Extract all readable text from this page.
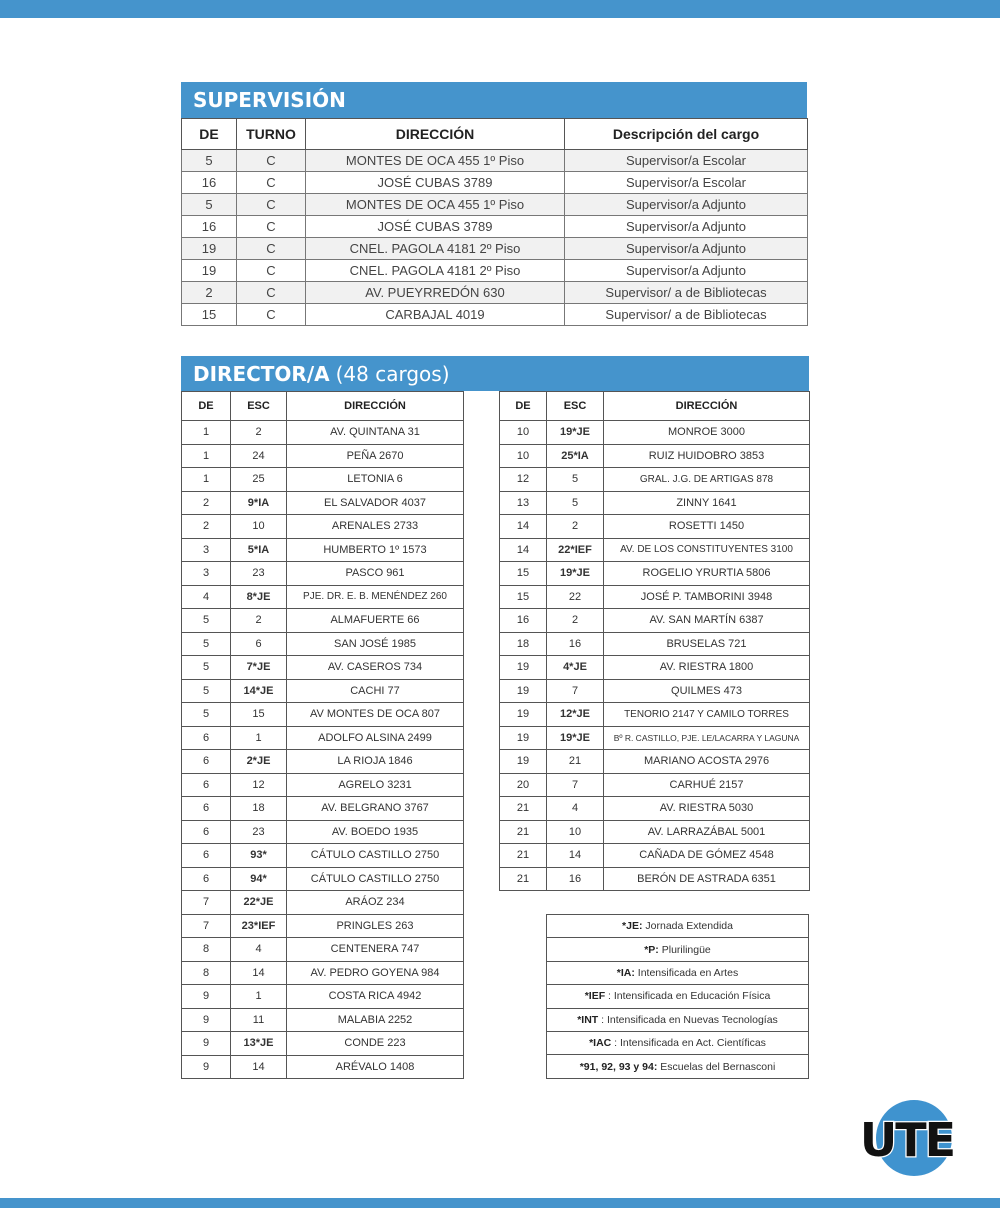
SUPERVISIÓN
DE	TURNO	DIRECCIÓN	Descripción del cargo
5	C	MONTES DE OCA 455 1º Piso	Supervisor/a Escolar
16	C	JOSÉ CUBAS 3789	Supervisor/a Escolar
5	C	MONTES DE OCA 455 1º Piso	Supervisor/a Adjunto
16	C	JOSÉ CUBAS 3789	Supervisor/a Adjunto
19	C	CNEL. PAGOLA 4181 2º Piso	Supervisor/a Adjunto
19	C	CNEL. PAGOLA 4181 2º Piso	Supervisor/a Adjunto
2	C	AV. PUEYRREDÓN 630	Supervisor/ a de Bibliotecas
15	C	CARBAJAL 4019	Supervisor/ a de Bibliotecas
DIRECTOR/A (48 cargos)
DE	ESC	DIRECCIÓN
1	2	AV. QUINTANA 31
1	24	PEÑA 2670
1	25	LETONIA 6
2	9*IA	EL SALVADOR 4037
2	10	ARENALES 2733
3	5*IA	HUMBERTO 1º 1573
3	23	PASCO 961
4	8*JE	PJE. DR. E. B. MENÉNDEZ 260
5	2	ALMAFUERTE 66
5	6	SAN JOSÉ 1985
5	7*JE	AV. CASEROS 734
5	14*JE	CACHI 77
5	15	AV MONTES DE OCA 807
6	1	ADOLFO ALSINA 2499
6	2*JE	LA RIOJA 1846
6	12	AGRELO 3231
6	18	AV. BELGRANO 3767
6	23	AV. BOEDO 1935
6	93*	CÁTULO CASTILLO 2750
6	94*	CÁTULO CASTILLO 2750
7	22*JE	ARÁOZ 234
7	23*IEF	PRINGLES 263
8	4	CENTENERA 747
8	14	AV. PEDRO GOYENA 984
9	1	COSTA RICA 4942
9	11	MALABIA 2252
9	13*JE	CONDE 223
9	14	ARÉVALO 1408
DE	ESC	DIRECCIÓN
10	19*JE	MONROE 3000
10	25*IA	RUIZ HUIDOBRO 3853
12	5	GRAL. J.G. DE ARTIGAS 878
13	5	ZINNY 1641
14	2	ROSETTI 1450
14	22*IEF	AV. DE LOS CONSTITUYENTES 3100
15	19*JE	ROGELIO YRURTIA 5806
15	22	JOSÉ P. TAMBORINI 3948
16	2	AV. SAN MARTÍN 6387
18	16	BRUSELAS 721
19	4*JE	AV. RIESTRA 1800
19	7	QUILMES 473
19	12*JE	TENORIO 2147 Y CAMILO TORRES
19	19*JE	Bº R. CASTILLO, PJE. LE/LACARRA Y LAGUNA
19	21	MARIANO ACOSTA 2976
20	7	CARHUÉ 2157
21	4	AV. RIESTRA 5030
21	10	AV. LARRAZÁBAL 5001
21	14	CAÑADA DE GÓMEZ 4548
21	16	BERÓN DE ASTRADA 6351

*JE: Jornada Extendida
*P: Plurilingüe
*IA: Intensificada en Artes
*IEF : Intensificada en Educación Física
*INT : Intensificada en Nuevas Tecnologías
*IAC : Intensificada en Act. Científicas
*91, 92, 93 y 94: Escuelas del Bernasconi
UTE
